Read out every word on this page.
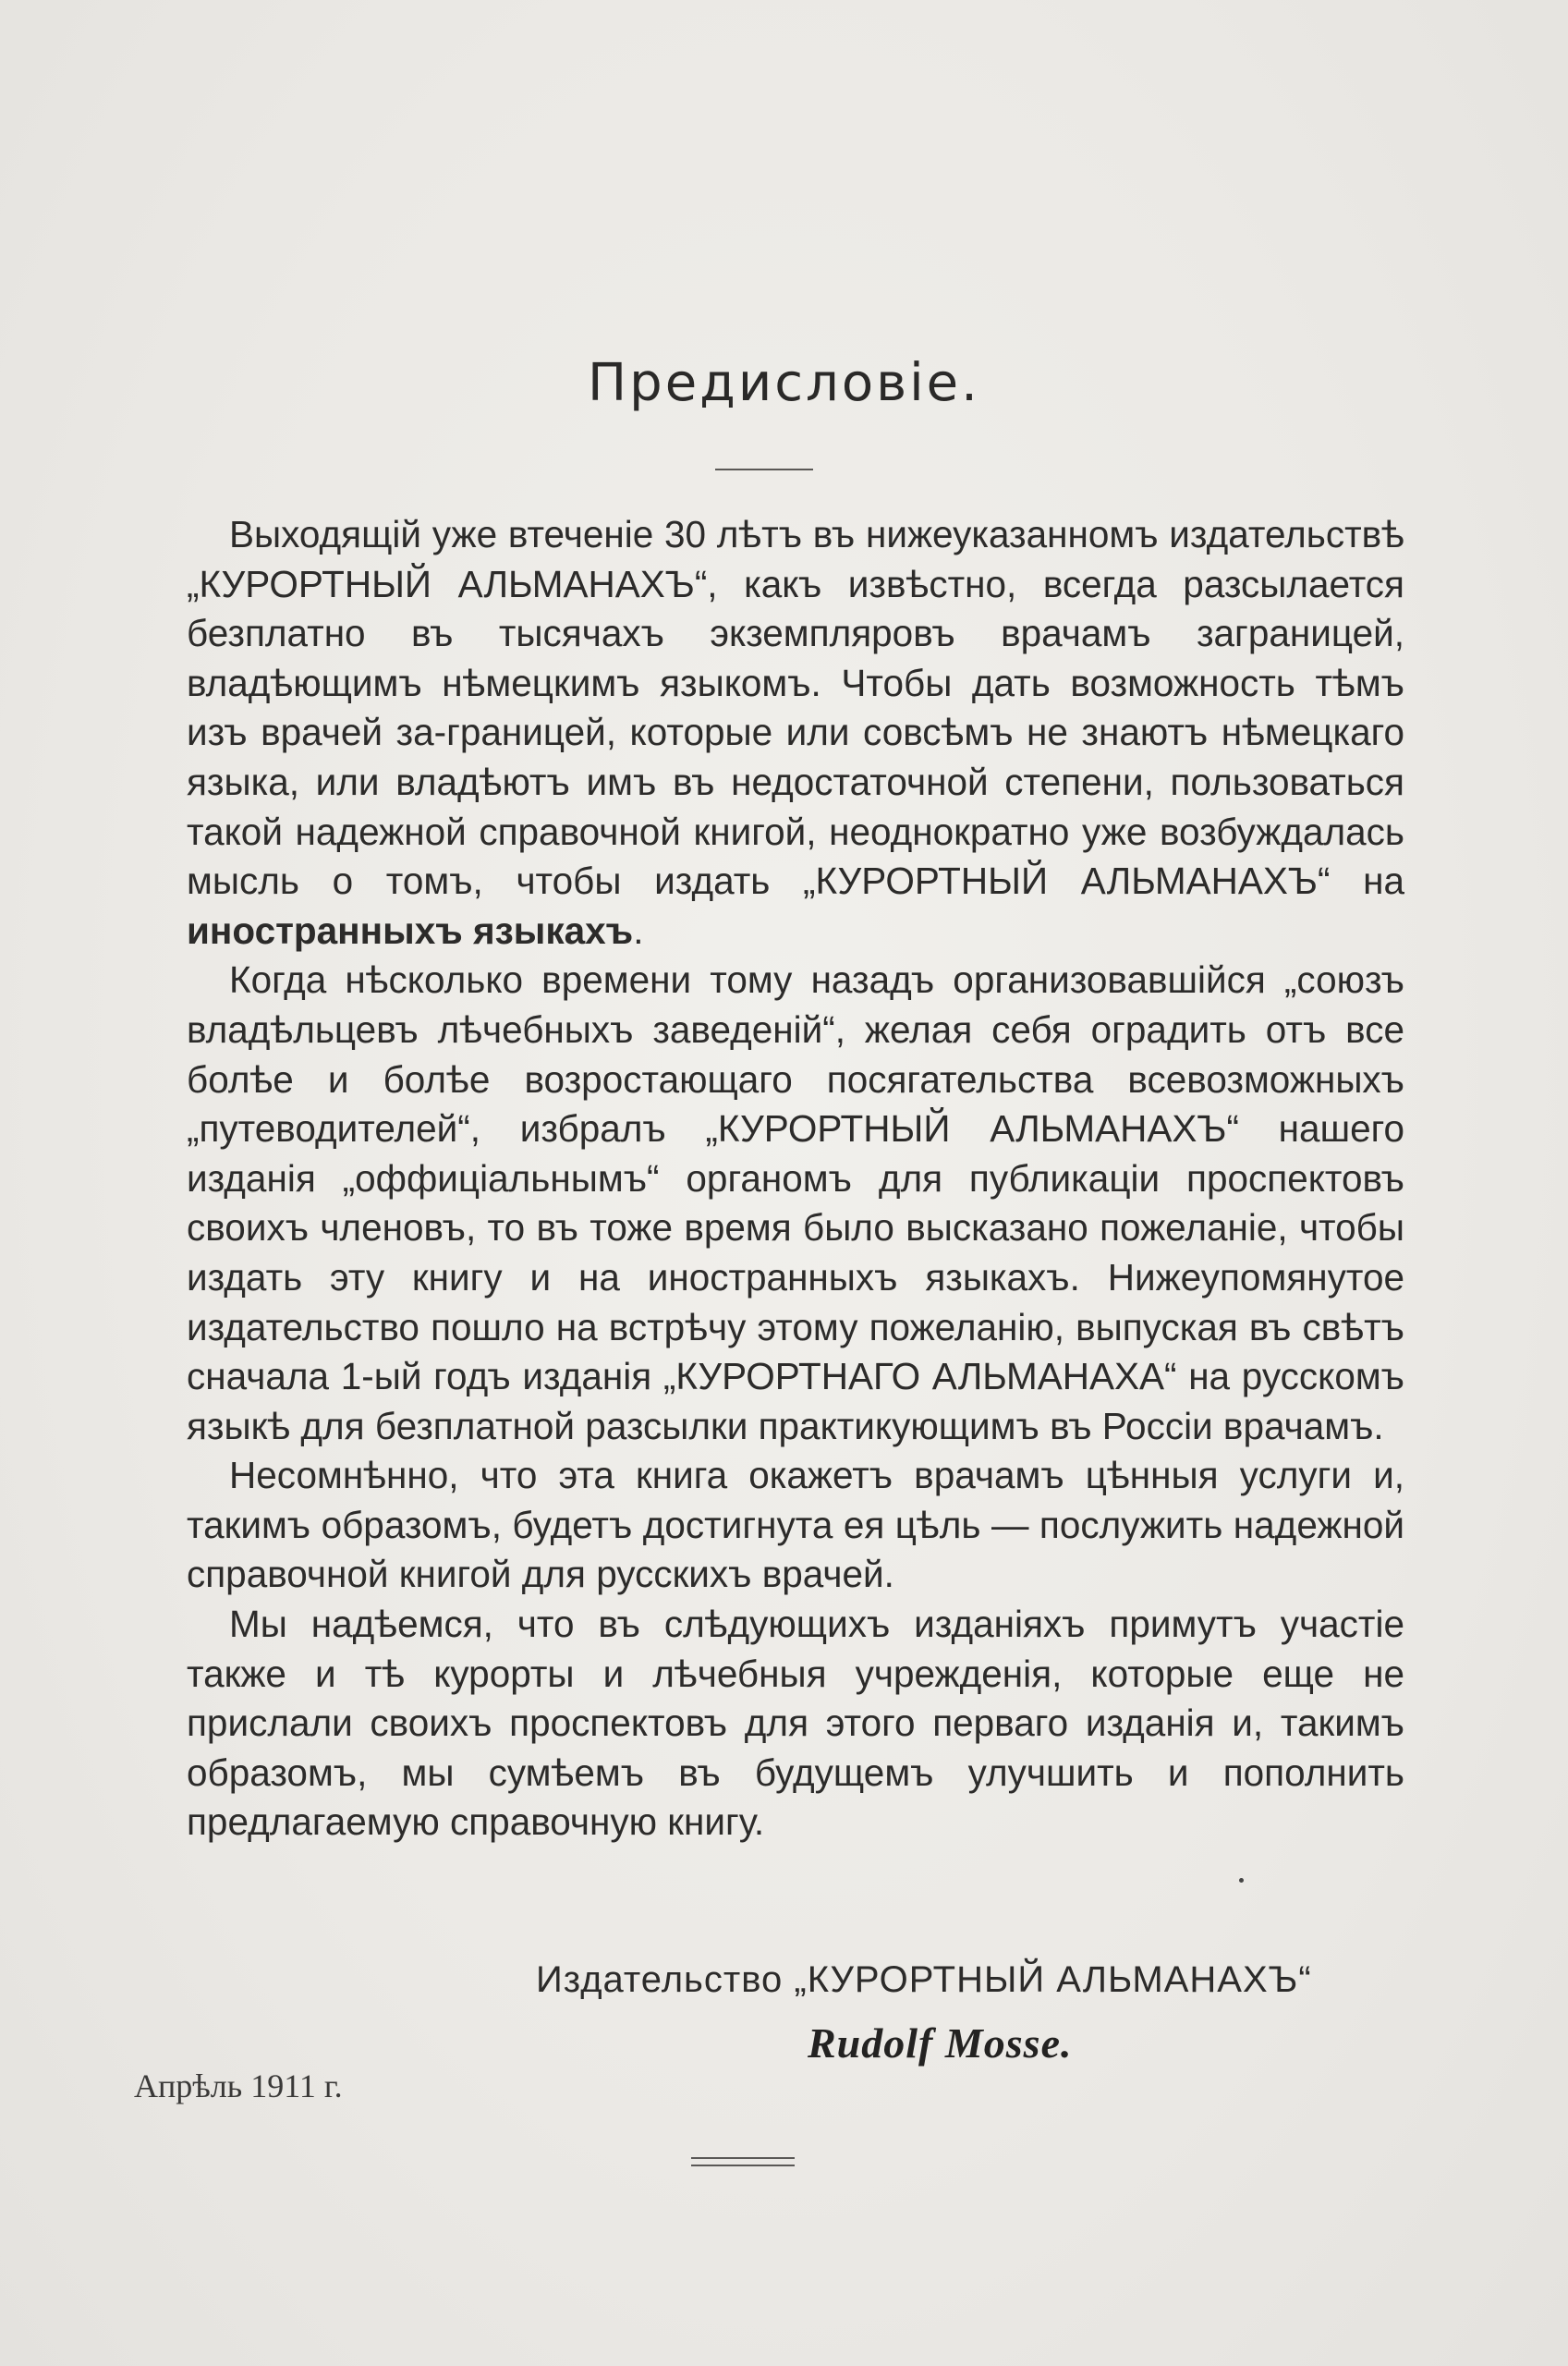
Предисловіе.

Выходящій уже втеченіе 30 лѣтъ въ нижеуказанномъ издательствѣ „КУРОРТНЫЙ АЛЬМАНАХЪ“, какъ извѣстно, всегда разсылается безплатно въ тысячахъ экземпляровъ врачамъ заграницей, владѣющимъ нѣмецкимъ языкомъ. Чтобы дать возможность тѣмъ изъ врачей за-границей, которые или совсѣмъ не знаютъ нѣмецкаго языка, или владѣютъ имъ въ недостаточной степени, пользоваться такой надежной справочной книгой, неоднократно уже возбуждалась мысль о томъ, чтобы издать „КУРОРТНЫЙ АЛЬМАНАХЪ“ на иностранныхъ языкахъ.

Когда нѣсколько времени тому назадъ организовавшійся „союзъ владѣльцевъ лѣчебныхъ заведеній“, желая себя оградить отъ все болѣе и болѣе возростающаго посягательства всевозможныхъ „путеводителей“, избралъ „КУРОРТНЫЙ АЛЬМАНАХЪ“ нашего изданія „оффиціальнымъ“ органомъ для публикаціи проспектовъ своихъ членовъ, то въ тоже время было высказано пожеланіе, чтобы издать эту книгу и на иностранныхъ языкахъ. Нижеупомянутое издательство пошло на встрѣчу этому пожеланію, выпуская въ свѣтъ сначала 1-ый годъ изданія „КУРОРТНАГО АЛЬМАНАХА“ на русскомъ языкѣ для безплатной разсылки практикующимъ въ Россіи врачамъ.

Несомнѣнно, что эта книга окажетъ врачамъ цѣнныя услуги и, такимъ образомъ, будетъ достигнута ея цѣль — послужить надежной справочной книгой для русскихъ врачей.

Мы надѣемся, что въ слѣдующихъ изданіяхъ примутъ участіе также и тѣ курорты и лѣчебныя учрежденія, которые еще не прислали своихъ проспектовъ для этого перваго изданія и, такимъ образомъ, мы сумѣемъ въ будущемъ улучшить и пополнить предлагаемую справочную книгу.

Издательство „КУРОРТНЫЙ АЛЬМАНАХЪ“
Rudolf Mosse.
Апрѣль 1911 г.
